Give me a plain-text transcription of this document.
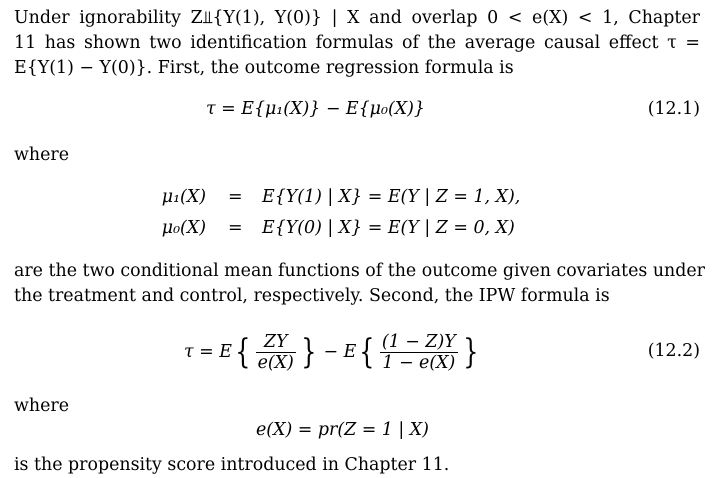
Under ignorability Z⫫{Y(1), Y(0)} | X and overlap 0 < e(X) < 1, Chapter
11 has shown two identification formulas of the average causal effect τ =
E{Y(1) − Y(0)}. First, the outcome regression formula is
τ = E{μ₁(X)} − E{μ₀(X)}	(12.1)
where
μ₁(X) = E{Y(1) | X} = E(Y | Z = 1, X),
μ₀(X) = E{Y(0) | X} = E(Y | Z = 0, X)
are the two conditional mean functions of the outcome given covariates under
the treatment and control, respectively. Second, the IPW formula is
τ = E { $\frac{ZY}{e(X)}$ } − E { $\frac{(1 - Z)Y}{1 - e(X)}$ }	(12.2)
where
e(X) = pr(Z = 1 | X)
is the propensity score introduced in Chapter 11.
